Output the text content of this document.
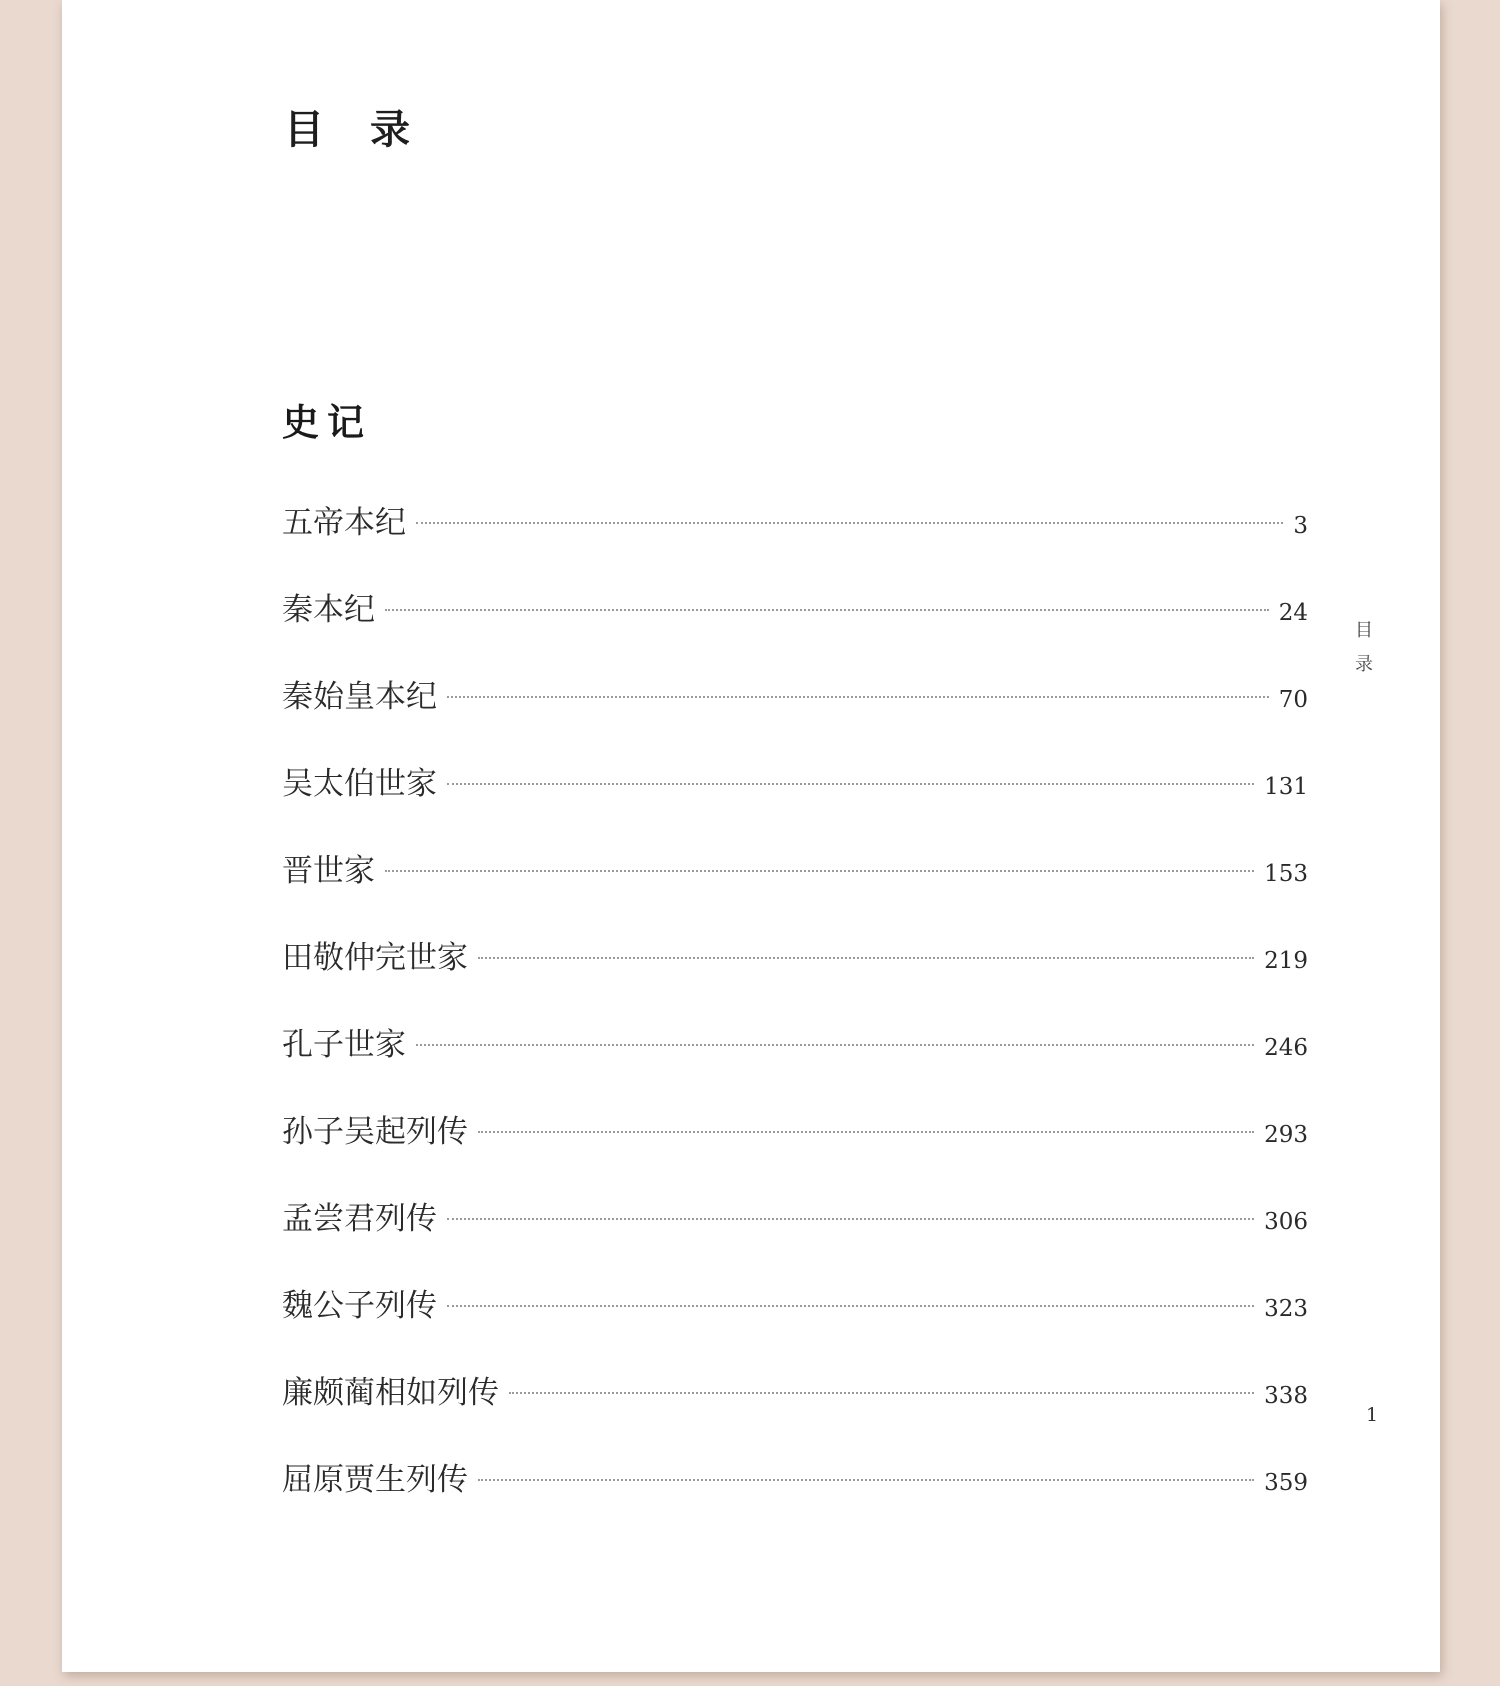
目录
史记
五帝本纪	3
秦本纪	24
秦始皇本纪	70
吴太伯世家	131
晋世家	153
田敬仲完世家	219
孔子世家	246
孙子吴起列传	293
孟尝君列传	306
魏公子列传	323
廉颇蔺相如列传	338
屈原贾生列传	359
目录
1
